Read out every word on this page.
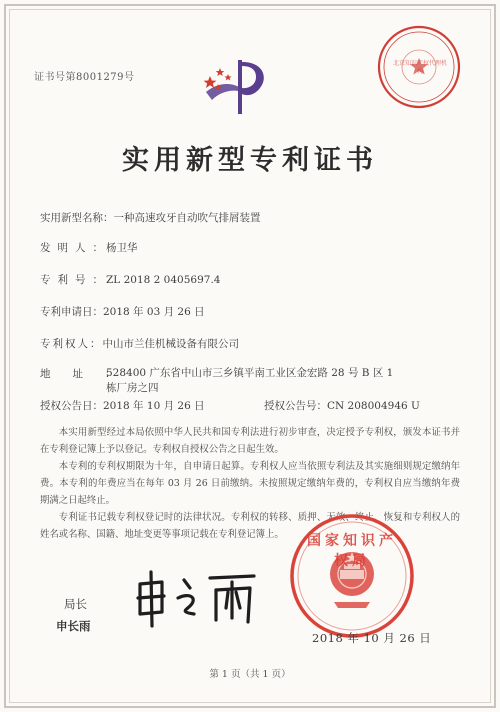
证书号第8001279号
北京知识产权代理机构
实用新型专利证书
实用新型名称：一种高速攻牙自动吹气排屑装置
发明人：杨卫华
专利号：ZL 2018 2 0405697.4
专利申请日：2018 年 03 月 26 日
专利权人：中山市兰佳机械设备有限公司
地址：
528400 广东省中山市三乡镇平南工业区金宏路 28 号 B 区 1 栋厂房之四
授权公告日：2018 年 10 月 26 日	授权公告号：CN 208004946 U
本实用新型经过本局依照中华人民共和国专利法进行初步审查，决定授予专利权，颁发本证书并在专利登记簿上予以登记。专利权自授权公告之日起生效。
本专利的专利权期限为十年，自申请日起算。专利权人应当依照专利法及其实施细则规定缴纳年费。本专利的年费应当在每年 03 月 26 日前缴纳。未按照规定缴纳年费的，专利权自应当缴纳年费期满之日起终止。
专利证书记载专利权登记时的法律状况。专利权的转移、质押、无效、终止、恢复和专利权人的姓名或名称、国籍、地址变更等事项记载在专利登记簿上。
局长
申长雨
国家知识产权局
2018 年 10 月 26 日
第 1 页（共 1 页）
